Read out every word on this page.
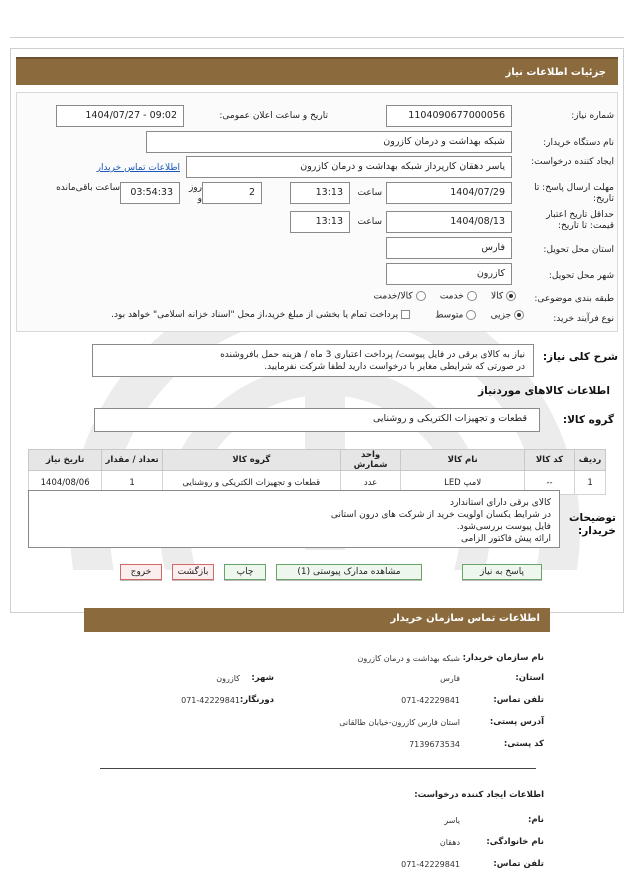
جزئیات اطلاعات نیاز
شماره نیاز:
1104090677000056
تاریخ و ساعت اعلان عمومی:
1404/07/27 - 09:02
نام دستگاه خریدار:
شبکه بهداشت و درمان کازرون
ایجاد کننده درخواست:
یاسر دهقان کارپرداز شبکه بهداشت و درمان کازرون
اطلاعات تماس خریدار
مهلت ارسال پاسخ: تا تاریخ:
1404/07/29
ساعت
13:13
2
روز و
03:54:33
ساعت باقی‌مانده
حداقل تاریخ اعتبار قیمت: تا تاریخ:
1404/08/13
ساعت
13:13
استان محل تحویل:
فارس
شهر محل تحویل:
کازرون
طبقه بندی موضوعی:
کالا      خدمت      کالا/خدمت
نوع فرآیند خرید:
جزیی      متوسط
پرداخت تمام یا بخشی از مبلغ خرید،از محل "اسناد خزانه اسلامی" خواهد بود.
شرح کلی نیاز:
نیاز به کالای برقی در فایل پیوست/ پرداخت اعتباری 3 ماه / هزینه حمل بافروشنده
در صورتی که شرایطی مغایر با درخواست دارید لطفا شرکت نفرمایید.
اطلاعات کالاهای موردنیاز
گروه کالا:
قطعات و تجهیزات الکتریکی و روشنایی
ردیف	کد کالا	نام کالا	واحد شمارش	گروه کالا	تعداد / مقدار	تاریخ نیاز
1	--	لامپ LED	عدد	قطعات و تجهیزات الکتریکی و روشنایی	1	1404/08/06
توضیحات خریدار:
کالای برقی دارای استاندارد
در شرایط یکسان اولویت خرید از شرکت های درون استانی
فایل پیوست بررسی‌شود.
ارائه پیش فاکتور الزامی
پاسخ به نیاز
مشاهده مدارک پیوستی (1)
چاپ
بازگشت
خروج
اطلاعات تماس سازمان خریدار
نام سازمان خریدار:
شبکه بهداشت و درمان کازرون
استان:
فارس
شهر:
کازرون
تلفن تماس:
071-42229841
دورنگار:
071-42229841
آدرس پستی:
استان فارس کازرون-خیابان طالقانی
کد پستی:
7139673534
اطلاعات ایجاد کننده درخواست:
نام:
یاسر
نام خانوادگی:
دهقان
تلفن تماس:
071-42229841
